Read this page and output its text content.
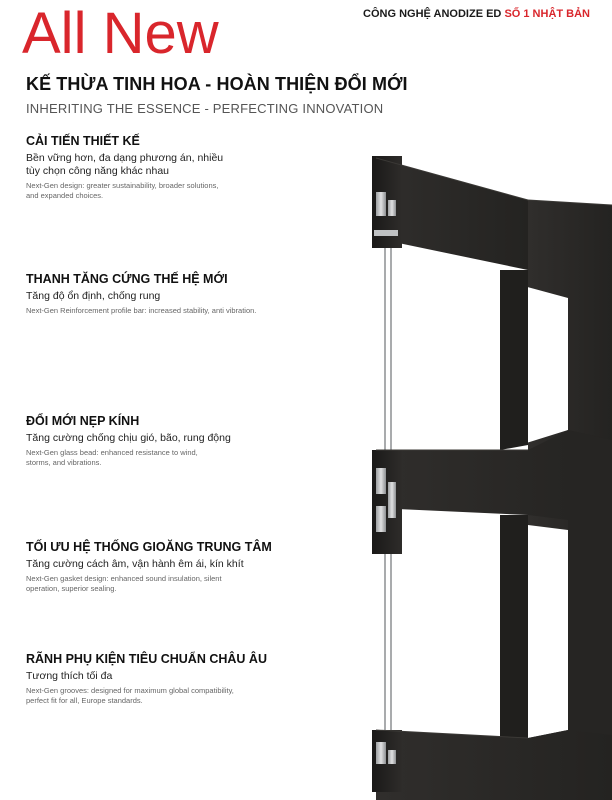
All New	CÔNG NGHỆ ANODIZE ED SỐ 1 NHẬT BẢN
KẾ THỪA TINH HOA - HOÀN THIỆN ĐỔI MỚI
INHERITING THE ESSENCE - PERFECTING INNOVATION
CẢI TIẾN THIẾT KẾ
Bền vững hơn, đa dạng phương án, nhiều
tùy chọn công năng khác nhau
Next-Gen design: greater sustainability, broader solutions,
and expanded choices.
THANH TĂNG CỨNG THẾ HỆ MỚI
Tăng độ ổn định, chống rung
Next-Gen Reinforcement profile bar: increased stability, anti vibration.
ĐỔI MỚI NẸP KÍNH
Tăng cường chống chịu gió, bão, rung động
Next-Gen glass bead: enhanced resistance to wind,
storms, and vibrations.
TỐI ƯU HỆ THỐNG GIOĂNG TRUNG TÂM
Tăng cường cách âm, vận hành êm ái, kín khít
Next-Gen gasket design: enhanced sound insulation, silent
operation, superior sealing.
RÃNH PHỤ KIỆN TIÊU CHUẨN CHÂU ÂU
Tương thích tối đa
Next-Gen grooves: designed for maximum global compatibility,
perfect fit for all, Europe standards.
